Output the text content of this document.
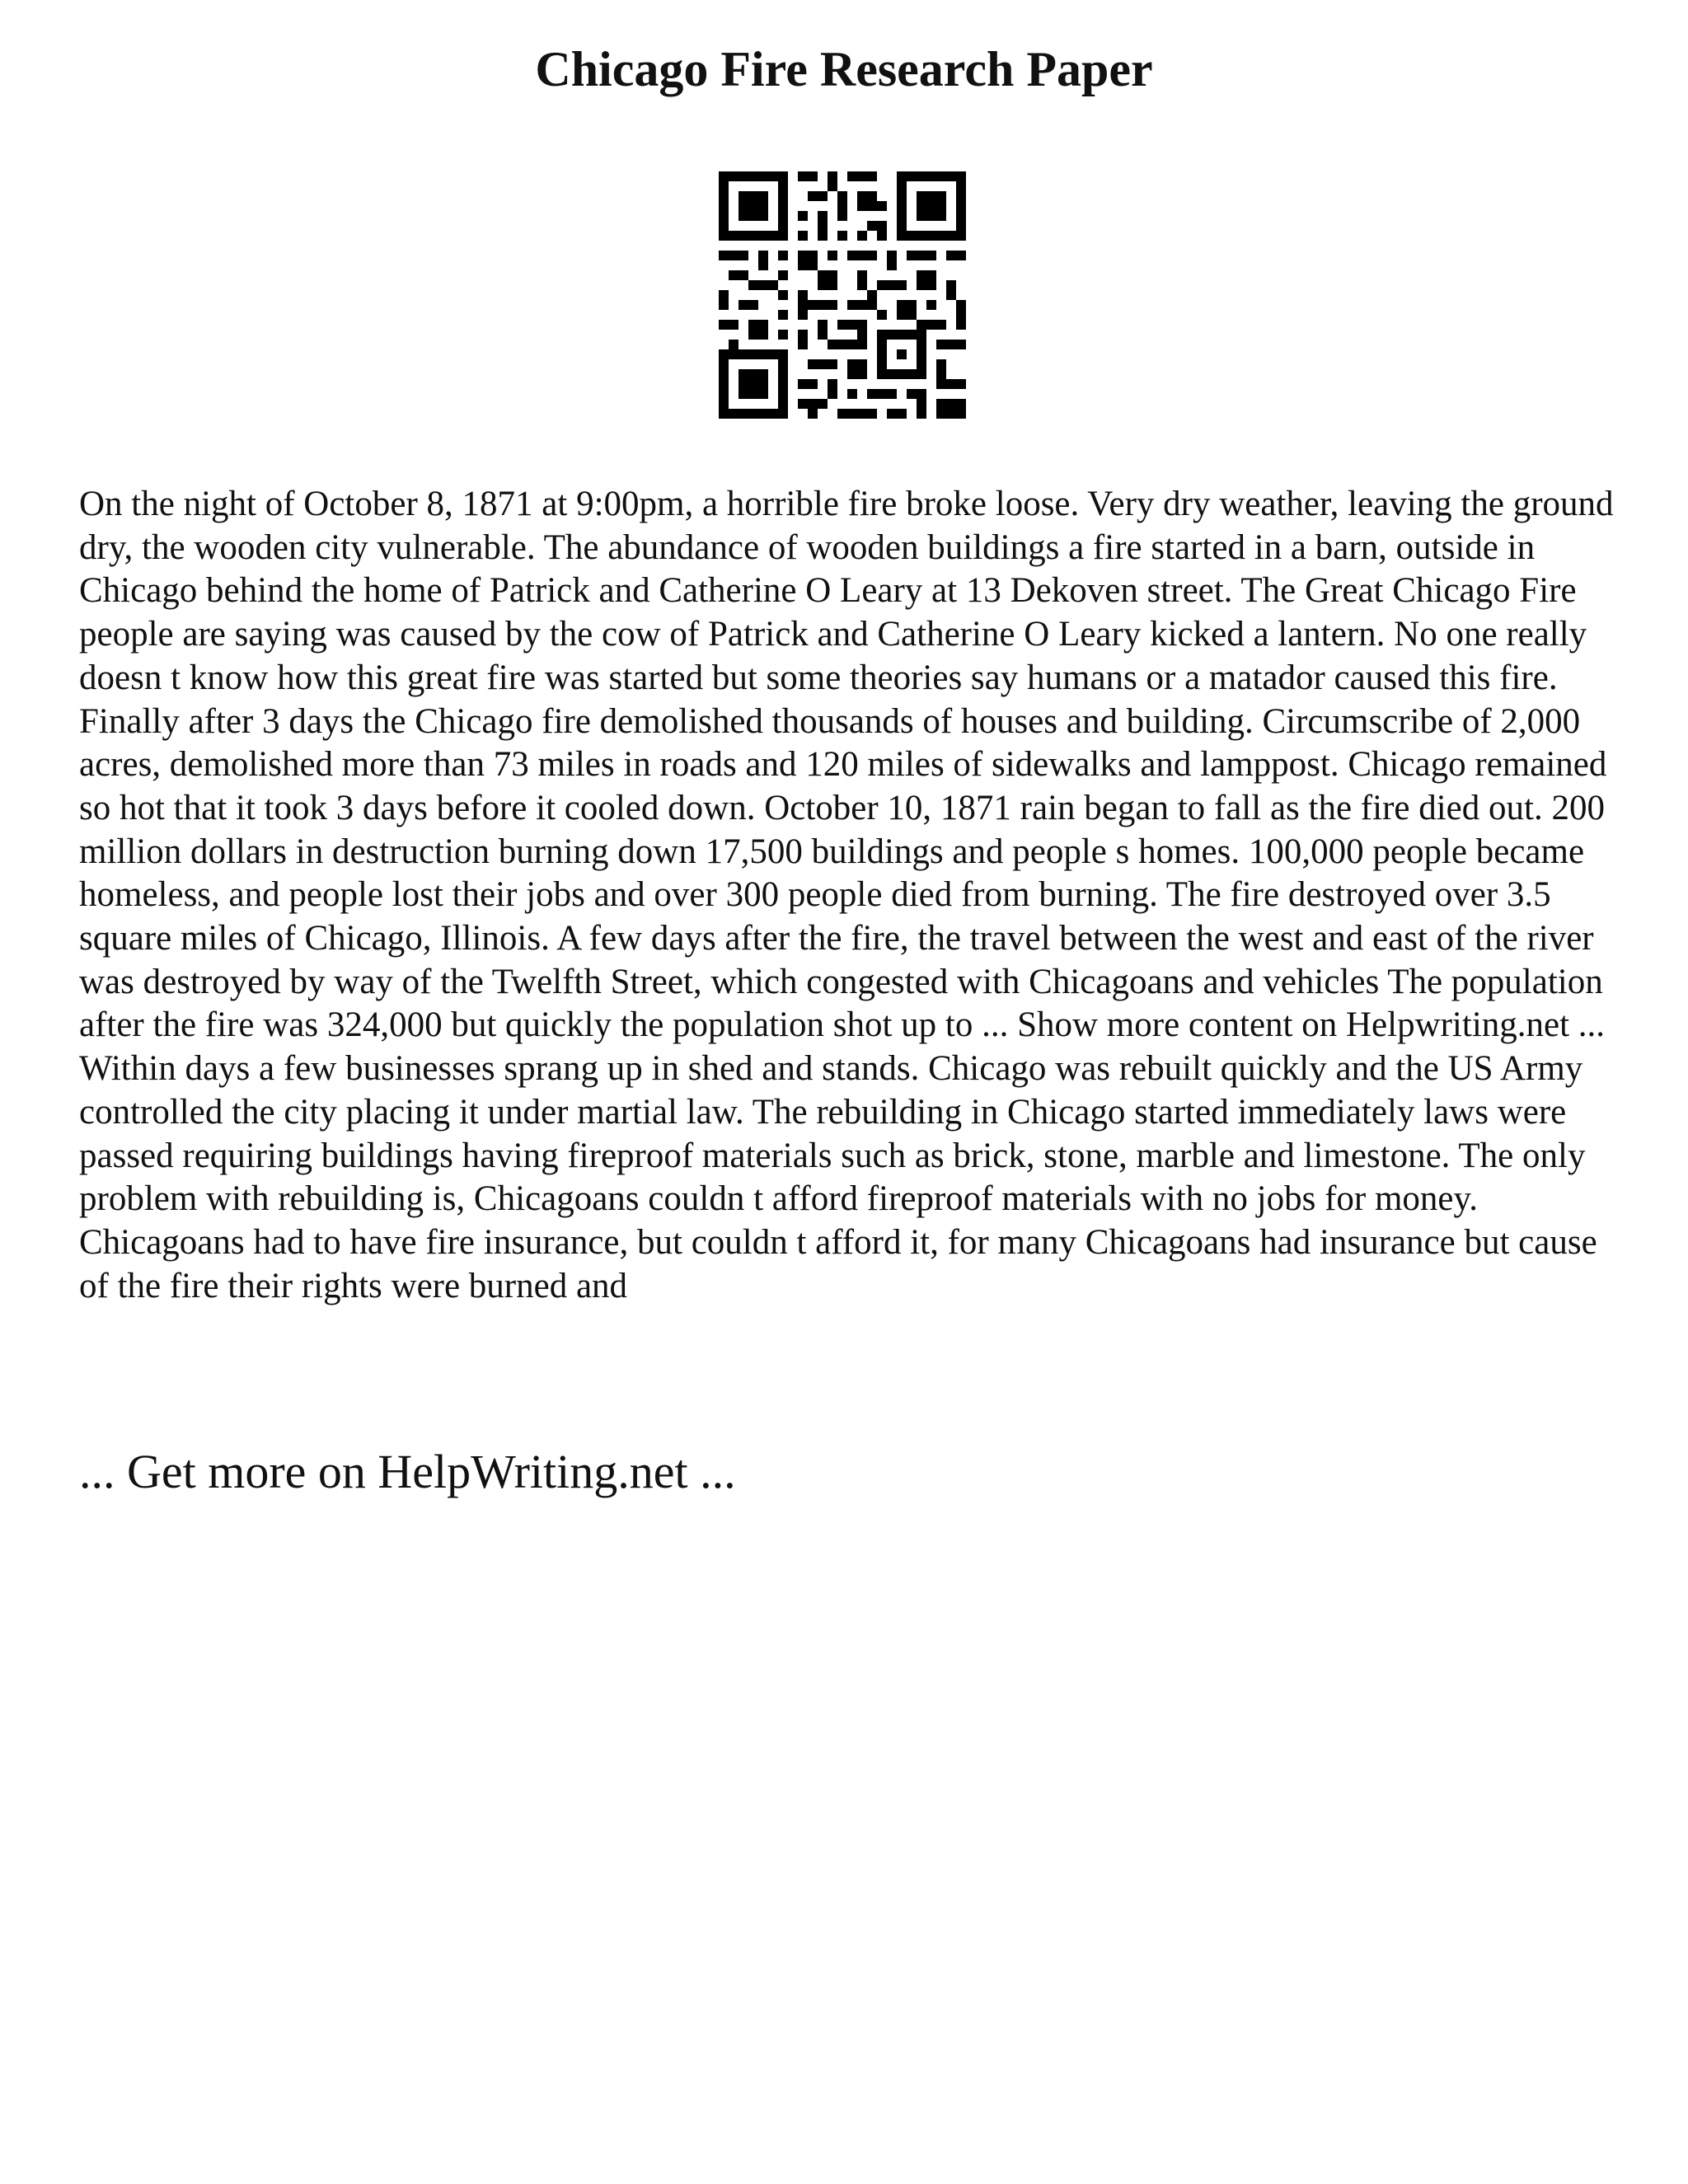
Chicago Fire Research Paper

On the night of October 8, 1871 at 9:00pm, a horrible fire broke loose. Very dry weather, leaving the ground dry, the wooden city vulnerable. The abundance of wooden buildings a fire started in a barn, outside in Chicago behind the home of Patrick and Catherine O Leary at 13 Dekoven street. The Great Chicago Fire people are saying was caused by the cow of Patrick and Catherine O Leary kicked a lantern. No one really doesn t know how this great fire was started but some theories say humans or a matador caused this fire.

Finally after 3 days the Chicago fire demolished thousands of houses and building. Circumscribe of 2,000 acres, demolished more than 73 miles in roads and 120 miles of sidewalks and lamppost. Chicago remained so hot that it took 3 days before it cooled down. October 10, 1871 rain began to fall as the fire died out. 200 million dollars in destruction burning down 17,500 buildings and people s homes. 100,000 people became homeless, and people lost their jobs and over 300 people died from burning. The fire destroyed over 3.5 square miles of Chicago, Illinois. A few days after the fire, the travel between the west and east of the river was destroyed by way of the Twelfth Street, which congested with Chicagoans and vehicles The population after the fire was 324,000 but quickly the population shot up to ... Show more content on Helpwriting.net ...

Within days a few businesses sprang up in shed and stands. Chicago was rebuilt quickly and the US Army controlled the city placing it under martial law. The rebuilding in Chicago started immediately laws were passed requiring buildings having fireproof materials such as brick, stone, marble and limestone. The only problem with rebuilding is, Chicagoans couldn t afford fireproof materials with no jobs for money. Chicagoans had to have fire insurance, but couldn t afford it, for many Chicagoans had insurance but cause of the fire their rights were burned and

... Get more on HelpWriting.net ...
